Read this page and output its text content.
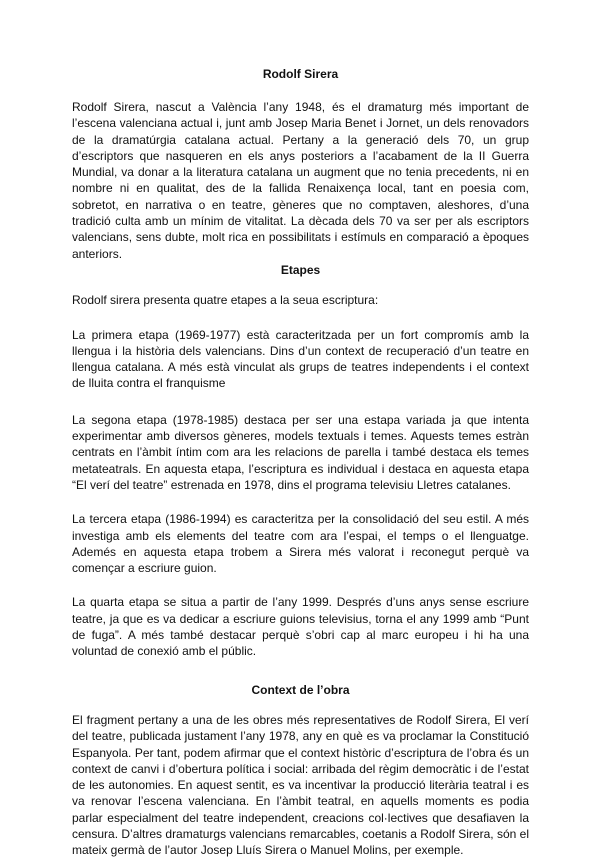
Rodolf Sirera

Rodolf Sirera, nascut a València l’any 1948, és el dramaturg més important de l’escena valenciana actual i, junt amb Josep Maria Benet i Jornet, un dels renovadors de la dramatúrgia catalana actual. Pertany a la generació dels 70, un grup d’escriptors que nasqueren en els anys posteriors a l’acabament de la II Guerra Mundial, va donar a la literatura catalana un augment que no tenia precedents, ni en nombre ni en qualitat, des de la fallida Renaixença local, tant en poesia com, sobretot, en narrativa o en teatre, gèneres que no comptaven, aleshores, d’una tradició culta amb un mínim de vitalitat. La dècada dels 70 va ser per als escriptors valencians, sens dubte, molt rica en possibilitats i estímuls en comparació a èpoques anteriors.

Etapes

Rodolf sirera presenta quatre etapes a la seua escriptura:

La primera etapa (1969-1977) està caracteritzada per un fort compromís amb la llengua i la història dels valencians. Dins d’un context de recuperació d’un teatre en llengua catalana. A més està vinculat als grups de teatres independents i el context de lluita contra el franquisme

La segona etapa (1978-1985) destaca per ser una estapa variada ja que intenta experimentar amb diversos gèneres, models textuals i temes. Aquests temes estràn centrats en l’àmbit íntim com ara les relacions de parella i també destaca els temes metateatrals. En aquesta etapa, l’escriptura es individual i destaca en aquesta etapa “El verí del teatre” estrenada en 1978, dins el programa televisiu Lletres catalanes.

La tercera etapa (1986-1994) es caracteritza per la consolidació del seu estil. A més investiga amb els elements del teatre com ara l’espai, el temps o el llenguatge. Ademés en aquesta etapa trobem a Sirera més valorat i reconegut perquè va començar a escriure guion.

La quarta etapa se situa a partir de l’any 1999. Després d’uns anys sense escriure teatre, ja que es va dedicar a escriure guions televisius, torna el any 1999 amb “Punt de fuga”. A més també destacar perquè s’obri cap al marc europeu i hi ha una voluntad de conexió amb el públic.

Context de l’obra

El fragment pertany a una de les obres més representatives de Rodolf Sirera, El verí del teatre, publicada justament l’any 1978, any en què es va proclamar la Constitució Espanyola. Per tant, podem afirmar que el context històric d’escriptura de l’obra és un context de canvi i d’obertura política i social: arribada del règim democràtic i de l’estat de les autonomies. En aquest sentit, es va incentivar la producció literària teatral i es va renovar l’escena valenciana. En l’àmbit teatral, en aquells moments es podia parlar especialment del teatre independent, creacions col·lectives que desafiaven la censura. D’altres dramaturgs valencians remarcables, coetanis a Rodolf Sirera, són el mateix germà de l’autor Josep Lluís Sirera o Manuel Molins, per exemple.
